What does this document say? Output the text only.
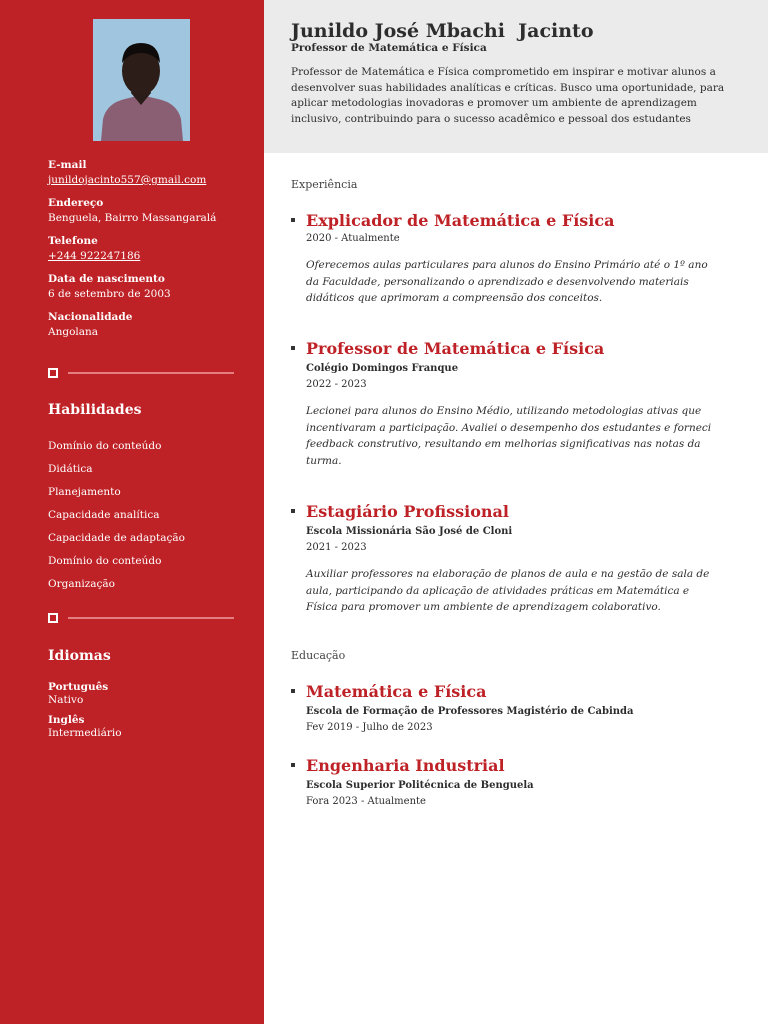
E-mail
junildojacinto557@gmail.com
Endereço
Benguela, Bairro Massangaralá
Telefone
+244 922247186
Data de nascimento
6 de setembro de 2003
Nacionalidade
Angolana
Habilidades
Domínio do conteúdo
Didática
Planejamento
Capacidade analítica
Capacidade de adaptação
Domínio do conteúdo
Organização
Idiomas
Português
Nativo
Inglês
Intermediário
Junildo José Mbachi  Jacinto
Professor de Matemática e Física

Professor de Matemática e Física comprometido em inspirar e motivar alunos a desenvolver suas habilidades analíticas e críticas. Busco uma oportunidade, para aplicar metodologias inovadoras e promover um ambiente de aprendizagem inclusivo, contribuindo para o sucesso acadêmico e pessoal dos estudantes

Experiência
Explicador de Matemática e Física
2020 - Atualmente
Oferecemos aulas particulares para alunos do Ensino Primário até o 1º ano da Faculdade, personalizando o aprendizado e desenvolvendo materiais didáticos que aprimoram a compreensão dos conceitos.
Professor de Matemática e Física
Colégio Domingos Franque
2022 - 2023
Lecionei para alunos do Ensino Médio, utilizando metodologias ativas que incentivaram a participação. Avaliei o desempenho dos estudantes e forneci feedback construtivo, resultando em melhorias significativas nas notas da turma.
Estagiário Profissional
Escola Missionária São José de Cloni
2021 - 2023
Auxiliar professores na elaboração de planos de aula e na gestão de sala de aula, participando da aplicação de atividades práticas em Matemática e Física para promover um ambiente de aprendizagem colaborativo.
Educação
Matemática e Física
Escola de Formação de Professores Magistério de Cabinda
Fev 2019 - Julho de 2023
Engenharia Industrial
Escola Superior Politécnica de Benguela
Fora 2023 - Atualmente
